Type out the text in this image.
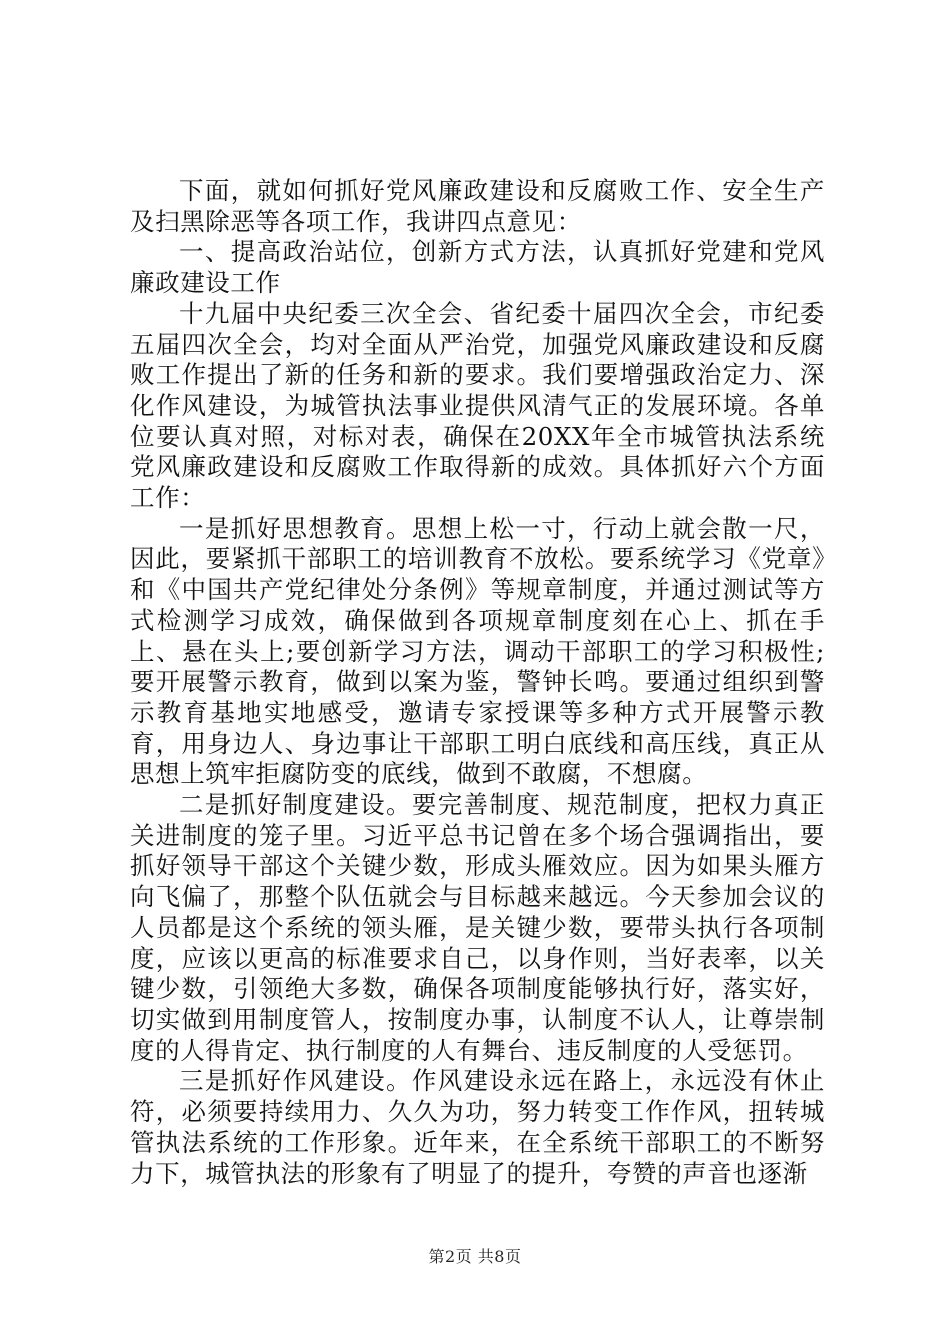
下面，就如何抓好党风廉政建设和反腐败工作、安全生产及扫黑除恶等各项工作，我讲四点意见：

一、提高政治站位，创新方式方法，认真抓好党建和党风廉政建设工作

十九届中央纪委三次全会、省纪委十届四次全会，市纪委五届四次全会，均对全面从严治党，加强党风廉政建设和反腐败工作提出了新的任务和新的要求。我们要增强政治定力、深化作风建设，为城管执法事业提供风清气正的发展环境。各单位要认真对照，对标对表，确保在20XX年全市城管执法系统党风廉政建设和反腐败工作取得新的成效。具体抓好六个方面工作：

一是抓好思想教育。思想上松一寸，行动上就会散一尺，因此，要紧抓干部职工的培训教育不放松。要系统学习《党章》和《中国共产党纪律处分条例》等规章制度，并通过测试等方式检测学习成效，确保做到各项规章制度刻在心上、抓在手上、悬在头上;要创新学习方法，调动干部职工的学习积极性;要开展警示教育，做到以案为鉴，警钟长鸣。要通过组织到警示教育基地实地感受，邀请专家授课等多种方式开展警示教育，用身边人、身边事让干部职工明白底线和高压线，真正从思想上筑牢拒腐防变的底线，做到不敢腐，不想腐。

二是抓好制度建设。要完善制度、规范制度，把权力真正关进制度的笼子里。习近平总书记曾在多个场合强调指出，要抓好领导干部这个关键少数，形成头雁效应。因为如果头雁方向飞偏了，那整个队伍就会与目标越来越远。今天参加会议的人员都是这个系统的领头雁，是关键少数，要带头执行各项制度，应该以更高的标准要求自己，以身作则，当好表率，以关键少数，引领绝大多数，确保各项制度能够执行好，落实好，切实做到用制度管人，按制度办事，认制度不认人，让尊崇制度的人得肯定、执行制度的人有舞台、违反制度的人受惩罚。

三是抓好作风建设。作风建设永远在路上，永远没有休止符，必须要持续用力、久久为功，努力转变工作作风，扭转城管执法系统的工作形象。近年来，在全系统干部职工的不断努力下，城管执法的形象有了明显了的提升，夸赞的声音也逐渐

第2页 共8页
